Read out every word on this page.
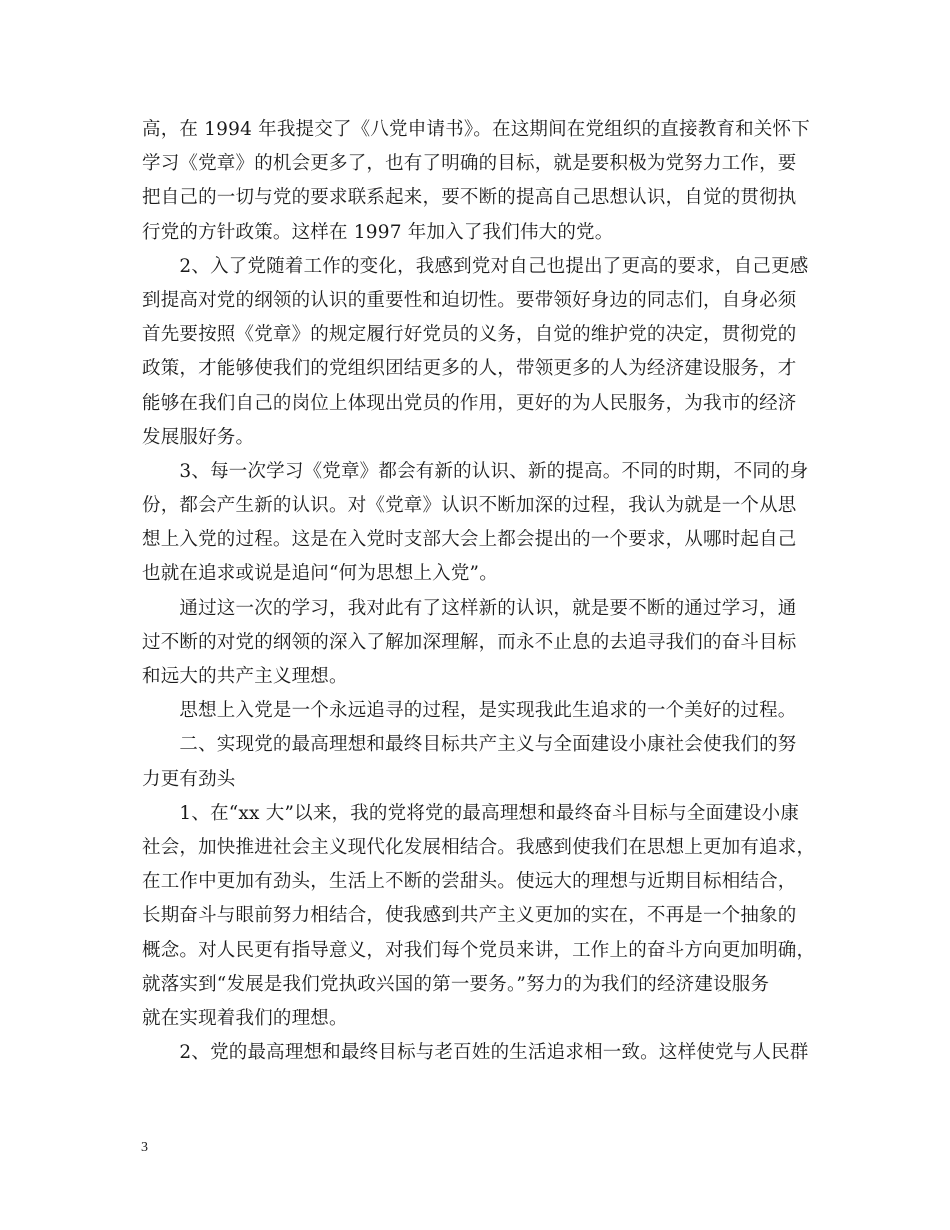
高，在 1994 年我提交了《八党申请书》。在这期间在党组织的直接教育和关怀下
学习《党章》的机会更多了，也有了明确的目标，就是要积极为党努力工作，要
把自己的一切与党的要求联系起来，要不断的提高自己思想认识，自觉的贯彻执
行党的方针政策。这样在 1997 年加入了我们伟大的党。
　　2、入了党随着工作的变化，我感到党对自己也提出了更高的要求，自己更感
到提高对党的纲领的认识的重要性和迫切性。要带领好身边的同志们，自身必须
首先要按照《党章》的规定履行好党员的义务，自觉的维护党的决定，贯彻党的
政策，才能够使我们的党组织团结更多的人，带领更多的人为经济建设服务，才
能够在我们自己的岗位上体现出党员的作用，更好的为人民服务，为我市的经济
发展服好务。
　　3、每一次学习《党章》都会有新的认识、新的提高。不同的时期，不同的身
份，都会产生新的认识。对《党章》认识不断加深的过程，我认为就是一个从思
想上入党的过程。这是在入党时支部大会上都会提出的一个要求，从哪时起自己
也就在追求或说是追问“何为思想上入党”。
　　通过这一次的学习，我对此有了这样新的认识，就是要不断的通过学习，通
过不断的对党的纲领的深入了解加深理解，而永不止息的去追寻我们的奋斗目标
和远大的共产主义理想。
　　思想上入党是一个永远追寻的过程，是实现我此生追求的一个美好的过程。
　　二、实现党的最高理想和最终目标共产主义与全面建设小康社会使我们的努
力更有劲头
　　1、在“xx 大”以来，我的党将党的最高理想和最终奋斗目标与全面建设小康
社会，加快推进社会主义现代化发展相结合。我感到使我们在思想上更加有追求，
在工作中更加有劲头，生活上不断的尝甜头。使远大的理想与近期目标相结合，
长期奋斗与眼前努力相结合，使我感到共产主义更加的实在，不再是一个抽象的
概念。对人民更有指导意义，对我们每个党员来讲，工作上的奋斗方向更加明确，
就落实到“发展是我们党执政兴国的第一要务。”努力的为我们的经济建设服务
就在实现着我们的理想。
　　2、党的最高理想和最终目标与老百姓的生活追求相一致。这样使党与人民群
3
